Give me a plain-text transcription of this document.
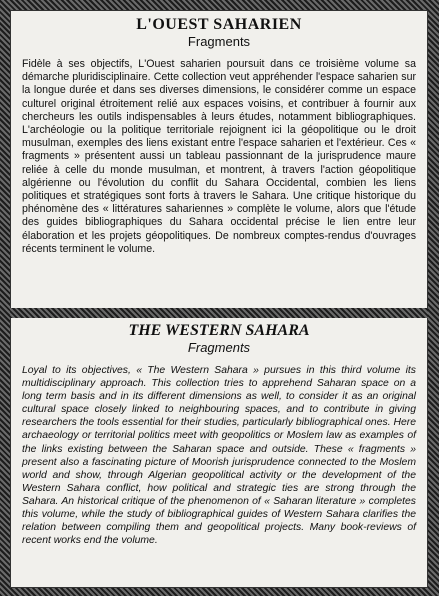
L'OUEST SAHARIEN
Fragments
Fidèle à ses objectifs, L'Ouest saharien poursuit dans ce troisième volume sa démarche pluridisciplinaire. Cette collection veut appréhender l'espace saharien sur la longue durée et dans ses diverses dimensions, le considérer comme un espace culturel original étroitement relié aux espaces voisins, et contribuer à fournir aux chercheurs les outils indispensables à leurs études, notamment bibliographiques. L'archéologie ou la politique territoriale rejoignent ici la géopolitique ou le droit musulman, exemples des liens existant entre l'espace saharien et l'extérieur. Ces « fragments » présentent aussi un tableau passionnant de la jurisprudence maure reliée à celle du monde musulman, et montrent, à travers l'action géopolitique algérienne ou l'évolution du conflit du Sahara Occidental, combien les liens politiques et stratégiques sont forts à travers le Sahara. Une critique historique du phénomène des « littératures sahariennes » complète le volume, alors que l'étude des guides bibliographiques du Sahara occidental précise le lien entre leur élaboration et les projets géopolitiques. De nombreux comptes-rendus d'ouvrages récents terminent le volume.
THE WESTERN SAHARA
Fragments
Loyal to its objectives, « The Western Sahara » pursues in this third volume its multidisciplinary approach. This collection tries to apprehend Saharan space on a long term basis and in its different dimensions as well, to consider it as an original cultural space closely linked to neighbouring spaces, and to contribute in giving researchers the tools essential for their studies, particularly bibliographical ones. Here archaeology or territorial politics meet with geopolitics or Moslem law as examples of the links existing between the Saharan space and outside. These « fragments » present also a fascinating picture of Moorish jurisprudence connected to the Moslem world and show, through Algerian geopolitical activity or the development of the Western Sahara conflict, how political and strategic ties are strong through the Sahara. An historical critique of the phenomenon of « Saharan literature » completes this volume, while the study of bibliographical guides of Western Sahara clarifies the relation between compiling them and geopolitical projects. Many book-reviews of recent works end the volume.
